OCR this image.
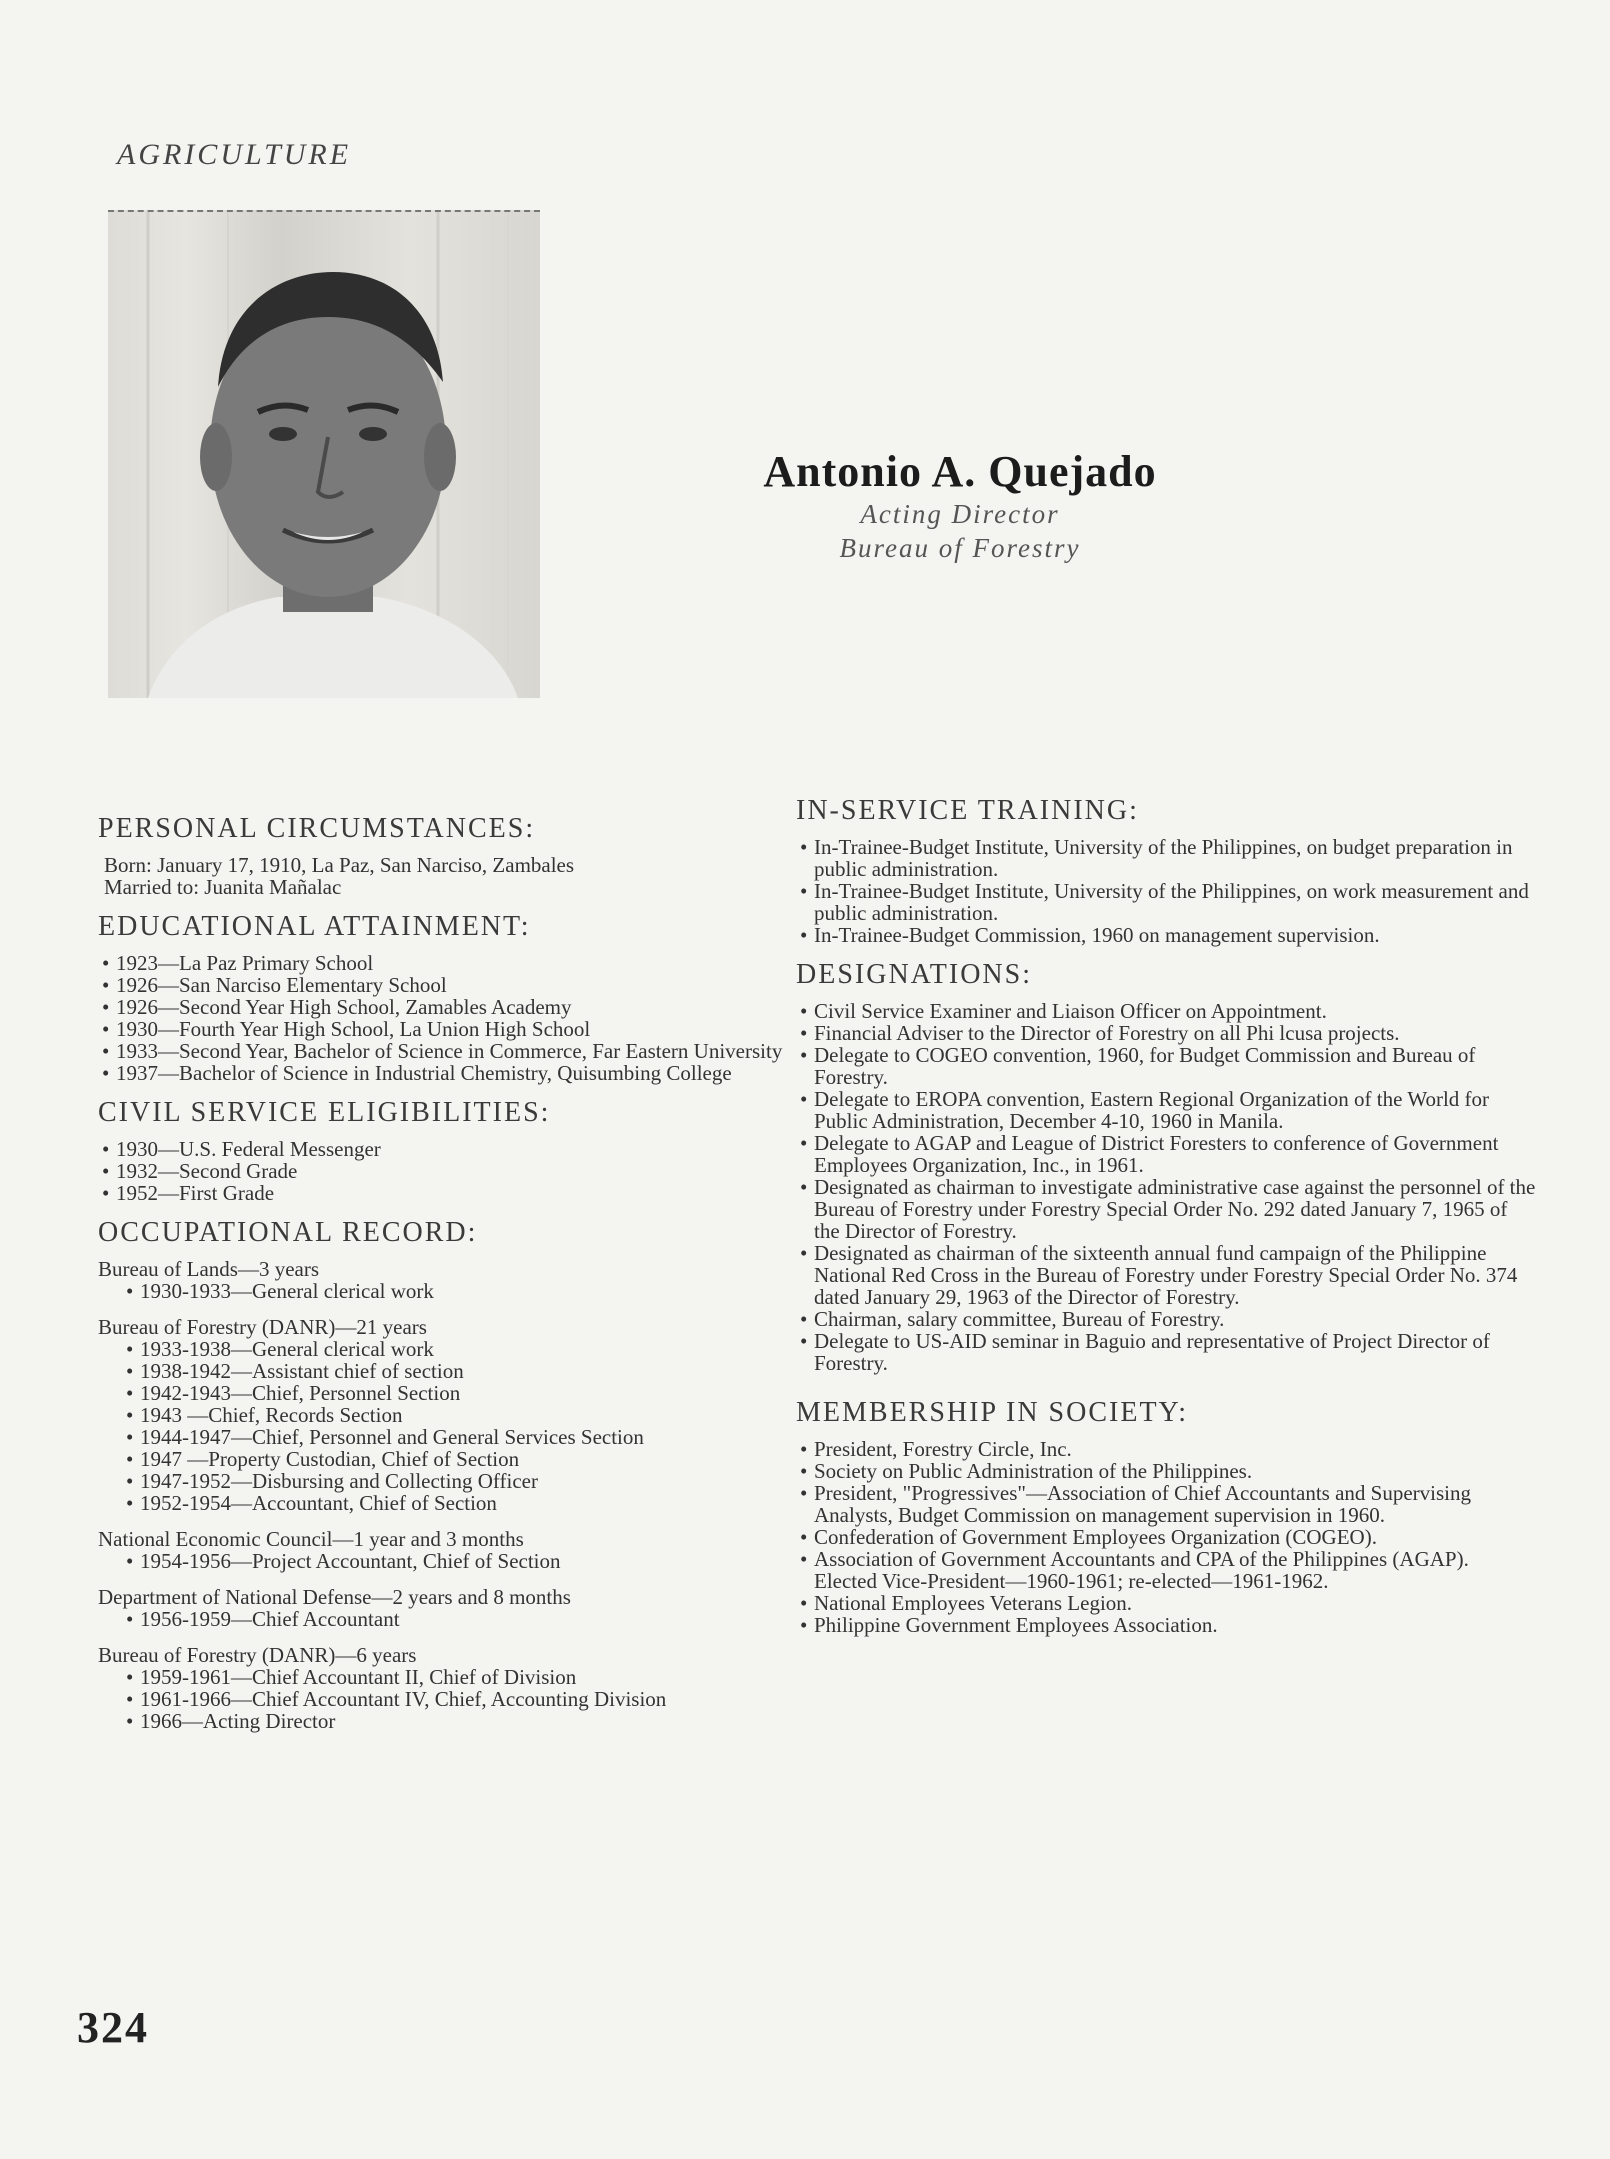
AGRICULTURE
Antonio A. Quejado
Acting Director
Bureau of Forestry
PERSONAL CIRCUMSTANCES:
Born: January 17, 1910, La Paz, San Narciso, Zambales
Married to: Juanita Mañalac
EDUCATIONAL ATTAINMENT:
• 1923—La Paz Primary School
• 1926—San Narciso Elementary School
• 1926—Second Year High School, Zamables Academy
• 1930—Fourth Year High School, La Union High School
• 1933—Second Year, Bachelor of Science in Commerce, Far Eastern University
• 1937—Bachelor of Science in Industrial Chemistry, Quisumbing College
CIVIL SERVICE ELIGIBILITIES:
• 1930—U.S. Federal Messenger
• 1932—Second Grade
• 1952—First Grade
OCCUPATIONAL RECORD:
Bureau of Lands—3 years
• 1930-1933—General clerical work
Bureau of Forestry (DANR)—21 years
• 1933-1938—General clerical work
• 1938-1942—Assistant chief of section
• 1942-1943—Chief, Personnel Section
• 1943 —Chief, Records Section
• 1944-1947—Chief, Personnel and General Services Section
• 1947 —Property Custodian, Chief of Section
• 1947-1952—Disbursing and Collecting Officer
• 1952-1954—Accountant, Chief of Section
National Economic Council—1 year and 3 months
• 1954-1956—Project Accountant, Chief of Section
Department of National Defense—2 years and 8 months
• 1956-1959—Chief Accountant
Bureau of Forestry (DANR)—6 years
• 1959-1961—Chief Accountant II, Chief of Division
• 1961-1966—Chief Accountant IV, Chief, Accounting Division
• 1966—Acting Director
IN-SERVICE TRAINING:
• In-Trainee-Budget Institute, University of the Philippines, on budget preparation in public administration.
• In-Trainee-Budget Institute, University of the Philippines, on work measurement and public administration.
• In-Trainee-Budget Commission, 1960 on management supervision.
DESIGNATIONS:
• Civil Service Examiner and Liaison Officer on Appointment.
• Financial Adviser to the Director of Forestry on all Phi lcusa projects.
• Delegate to COGEO convention, 1960, for Budget Commission and Bureau of Forestry.
• Delegate to EROPA convention, Eastern Regional Organization of the World for Public Administration, December 4-10, 1960 in Manila.
• Delegate to AGAP and League of District Foresters to conference of Government Employees Organization, Inc., in 1961.
• Designated as chairman to investigate administrative case against the personnel of the Bureau of Forestry under Forestry Special Order No. 292 dated January 7, 1965 of the Director of Forestry.
• Designated as chairman of the sixteenth annual fund campaign of the Philippine National Red Cross in the Bureau of Forestry under Forestry Special Order No. 374 dated January 29, 1963 of the Director of Forestry.
• Chairman, salary committee, Bureau of Forestry.
• Delegate to US-AID seminar in Baguio and representative of Project Director of Forestry.
MEMBERSHIP IN SOCIETY:
• President, Forestry Circle, Inc.
• Society on Public Administration of the Philippines.
• President, "Progressives"—Association of Chief Accountants and Supervising Analysts, Budget Commission on management supervision in 1960.
• Confederation of Government Employees Organization (COGEO).
• Association of Government Accountants and CPA of the Philippines (AGAP). Elected Vice-President—1960-1961; re-elected—1961-1962.
• National Employees Veterans Legion.
• Philippine Government Employees Association.
324
